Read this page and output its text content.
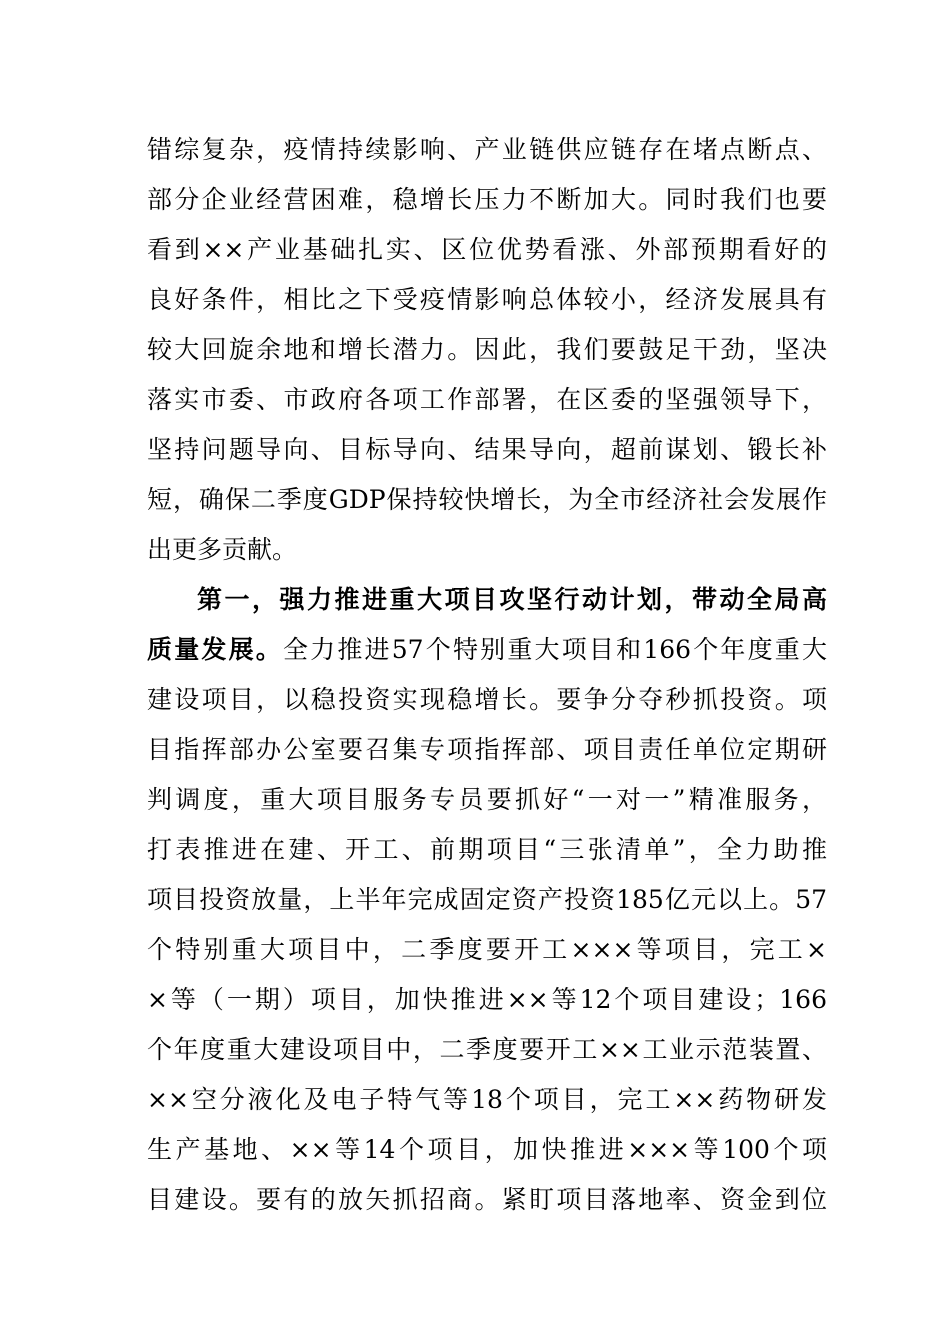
错综复杂，疫情持续影响、产业链供应链存在堵点断点、
部分企业经营困难，稳增长压力不断加大。同时我们也要
看到××产业基础扎实、区位优势看涨、外部预期看好的
良好条件，相比之下受疫情影响总体较小，经济发展具有
较大回旋余地和增长潜力。因此，我们要鼓足干劲，坚决
落实市委、市政府各项工作部署，在区委的坚强领导下，
坚持问题导向、目标导向、结果导向，超前谋划、锻长补
短，确保二季度GDP保持较快增长，为全市经济社会发展作
出更多贡献。
第一，强力推进重大项目攻坚行动计划，带动全局高
质量发展。全力推进57个特别重大项目和166个年度重大
建设项目，以稳投资实现稳增长。要争分夺秒抓投资。项
目指挥部办公室要召集专项指挥部、项目责任单位定期研
判调度，重大项目服务专员要抓好“一对一”精准服务，
打表推进在建、开工、前期项目“三张清单”，全力助推
项目投资放量，上半年完成固定资产投资185亿元以上。57
个特别重大项目中，二季度要开工×××等项目，完工×
×等（一期）项目，加快推进××等12个项目建设；166
个年度重大建设项目中，二季度要开工××工业示范装置、
××空分液化及电子特气等18个项目，完工××药物研发
生产基地、××等14个项目，加快推进×××等100个项
目建设。要有的放矢抓招商。紧盯项目落地率、资金到位
